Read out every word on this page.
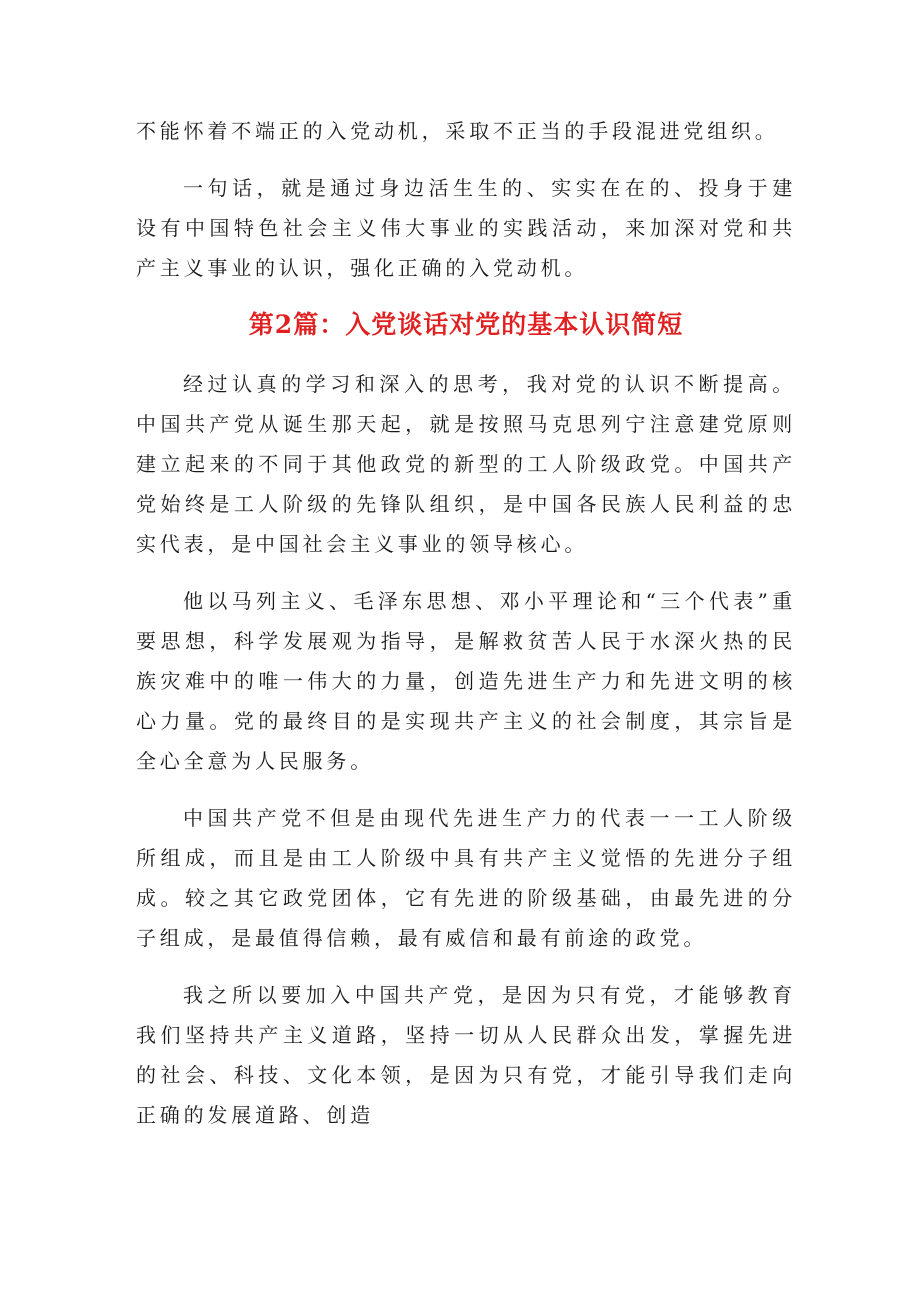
不能怀着不端正的入党动机，采取不正当的手段混进党组织。

一句话，就是通过身边活生生的、实实在在的、投身于建设有中国特色社会主义伟大事业的实践活动，来加深对党和共产主义事业的认识，强化正确的入党动机。

第2篇：入党谈话对党的基本认识简短

经过认真的学习和深入的思考，我对党的认识不断提高。中国共产党从诞生那天起，就是按照马克思列宁注意建党原则建立起来的不同于其他政党的新型的工人阶级政党。中国共产党始终是工人阶级的先锋队组织，是中国各民族人民利益的忠实代表，是中国社会主义事业的领导核心。

他以马列主义、毛泽东思想、邓小平理论和“三个代表”重要思想，科学发展观为指导，是解救贫苦人民于水深火热的民族灾难中的唯一伟大的力量，创造先进生产力和先进文明的核心力量。党的最终目的是实现共产主义的社会制度，其宗旨是全心全意为人民服务。

中国共产党不但是由现代先进生产力的代表一一工人阶级所组成，而且是由工人阶级中具有共产主义觉悟的先进分子组成。较之其它政党团体，它有先进的阶级基础，由最先进的分子组成，是最值得信赖，最有威信和最有前途的政党。

我之所以要加入中国共产党，是因为只有党，才能够教育我们坚持共产主义道路，坚持一切从人民群众出发，掌握先进的社会、科技、文化本领，是因为只有党，才能引导我们走向正确的发展道路、创造
